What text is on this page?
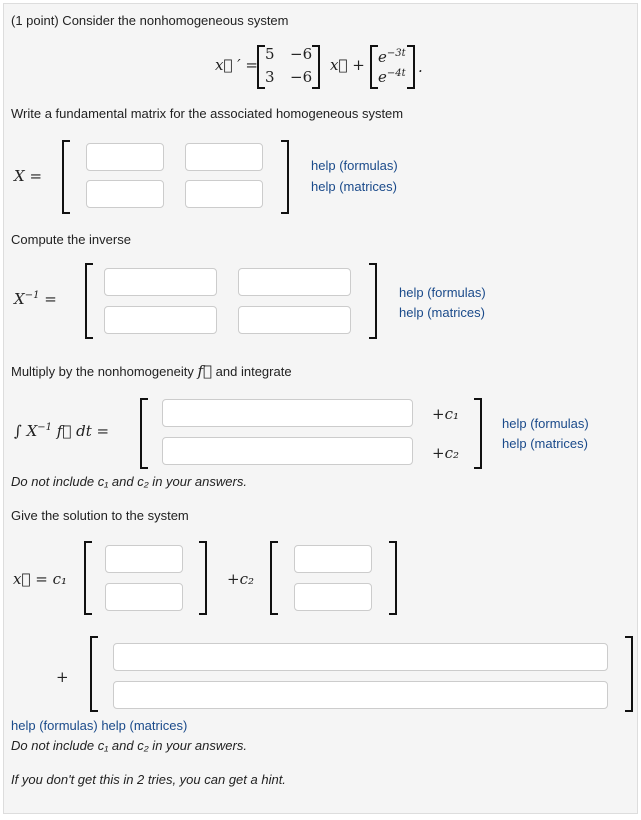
(1 point) Consider the nonhomogeneous system
x⃗ ′ =
5 −6
3 −6
x⃗ + $e^{-3t}$
$e^{-4t}$ .
Write a fundamental matrix for the associated homogeneous system
X =
help (formulas)
help (matrices)
Compute the inverse
$X^{-1}$ =	help (formulas)
help (matrices)
Multiply by the nonhomogeneity f⃗ and integrate
∫ $X^{-1}$ f⃗ dt =
+c₁
+c₂
help (formulas)
help (matrices)
Do not include c₁ and c₂ in your answers.
Give the solution to the system
x⃗ = c₁	+c₂
+
help (formulas) help (matrices)
Do not include c₁ and c₂ in your answers.
If you don't get this in 2 tries, you can get a hint.
